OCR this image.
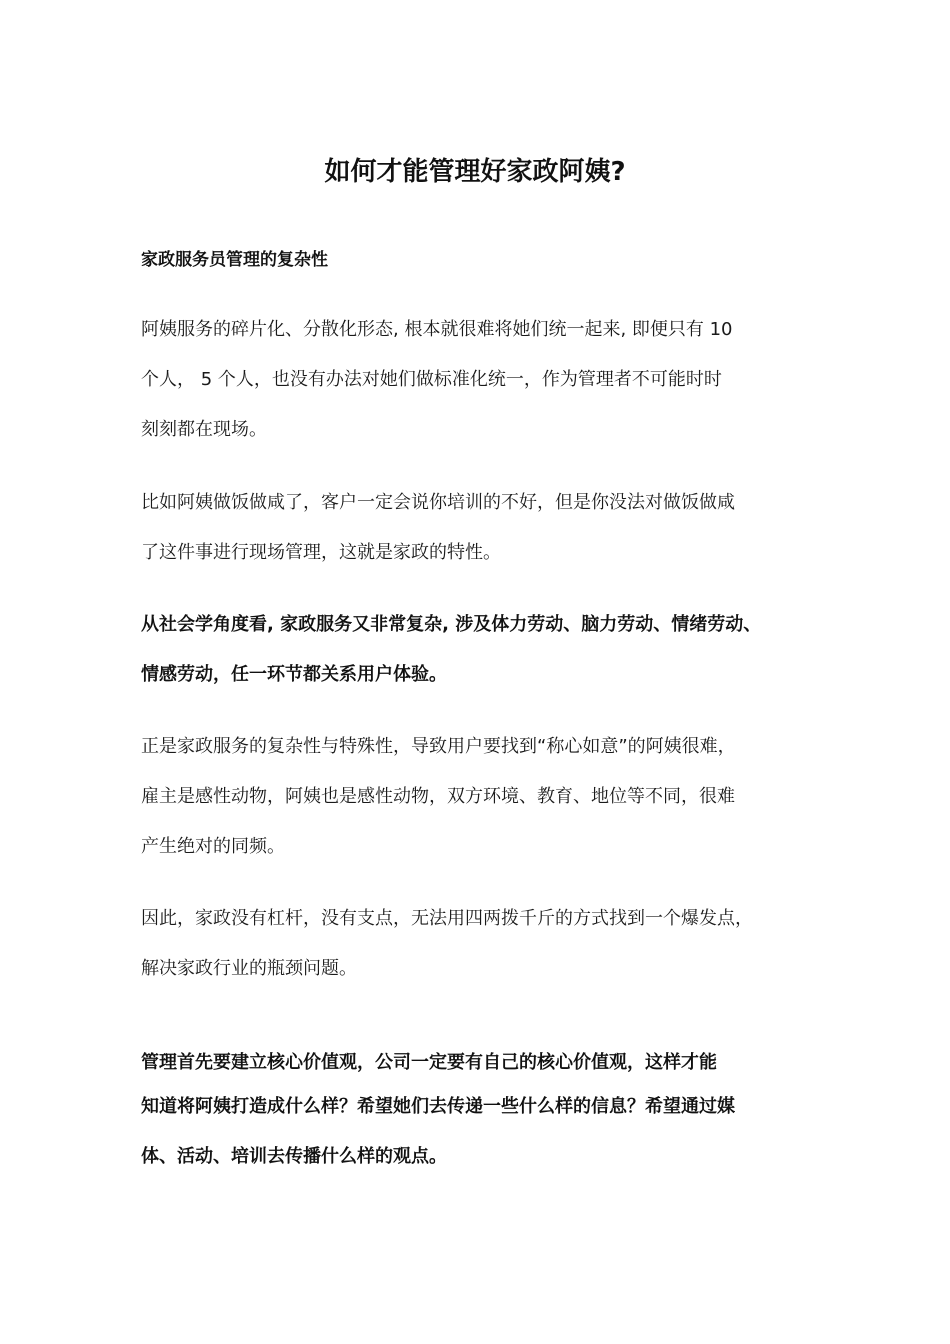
如何才能管理好家政阿姨?
家政服务员管理的复杂性
阿姨服务的碎片化、分散化形态, 根本就很难将她们统一起来, 即便只有 10
个人， 5 个人，也没有办法对她们做标准化统一，作为管理者不可能时时
刻刻都在现场。
比如阿姨做饭做咸了，客户一定会说你培训的不好，但是你没法对做饭做咸
了这件事进行现场管理，这就是家政的特性。
从社会学角度看, 家政服务又非常复杂, 涉及体力劳动、脑力劳动、情绪劳动、
情感劳动，任一环节都关系用户体验。
正是家政服务的复杂性与特殊性，导致用户要找到“称心如意”的阿姨很难，
雇主是感性动物，阿姨也是感性动物，双方环境、教育、地位等不同，很难
产生绝对的同频。
因此，家政没有杠杆，没有支点，无法用四两拨千斤的方式找到一个爆发点，
解决家政行业的瓶颈问题。
管理首先要建立核心价值观，公司一定要有自己的核心价值观，这样才能
知道将阿姨打造成什么样？希望她们去传递一些什么样的信息？希望通过媒
体、活动、培训去传播什么样的观点。
